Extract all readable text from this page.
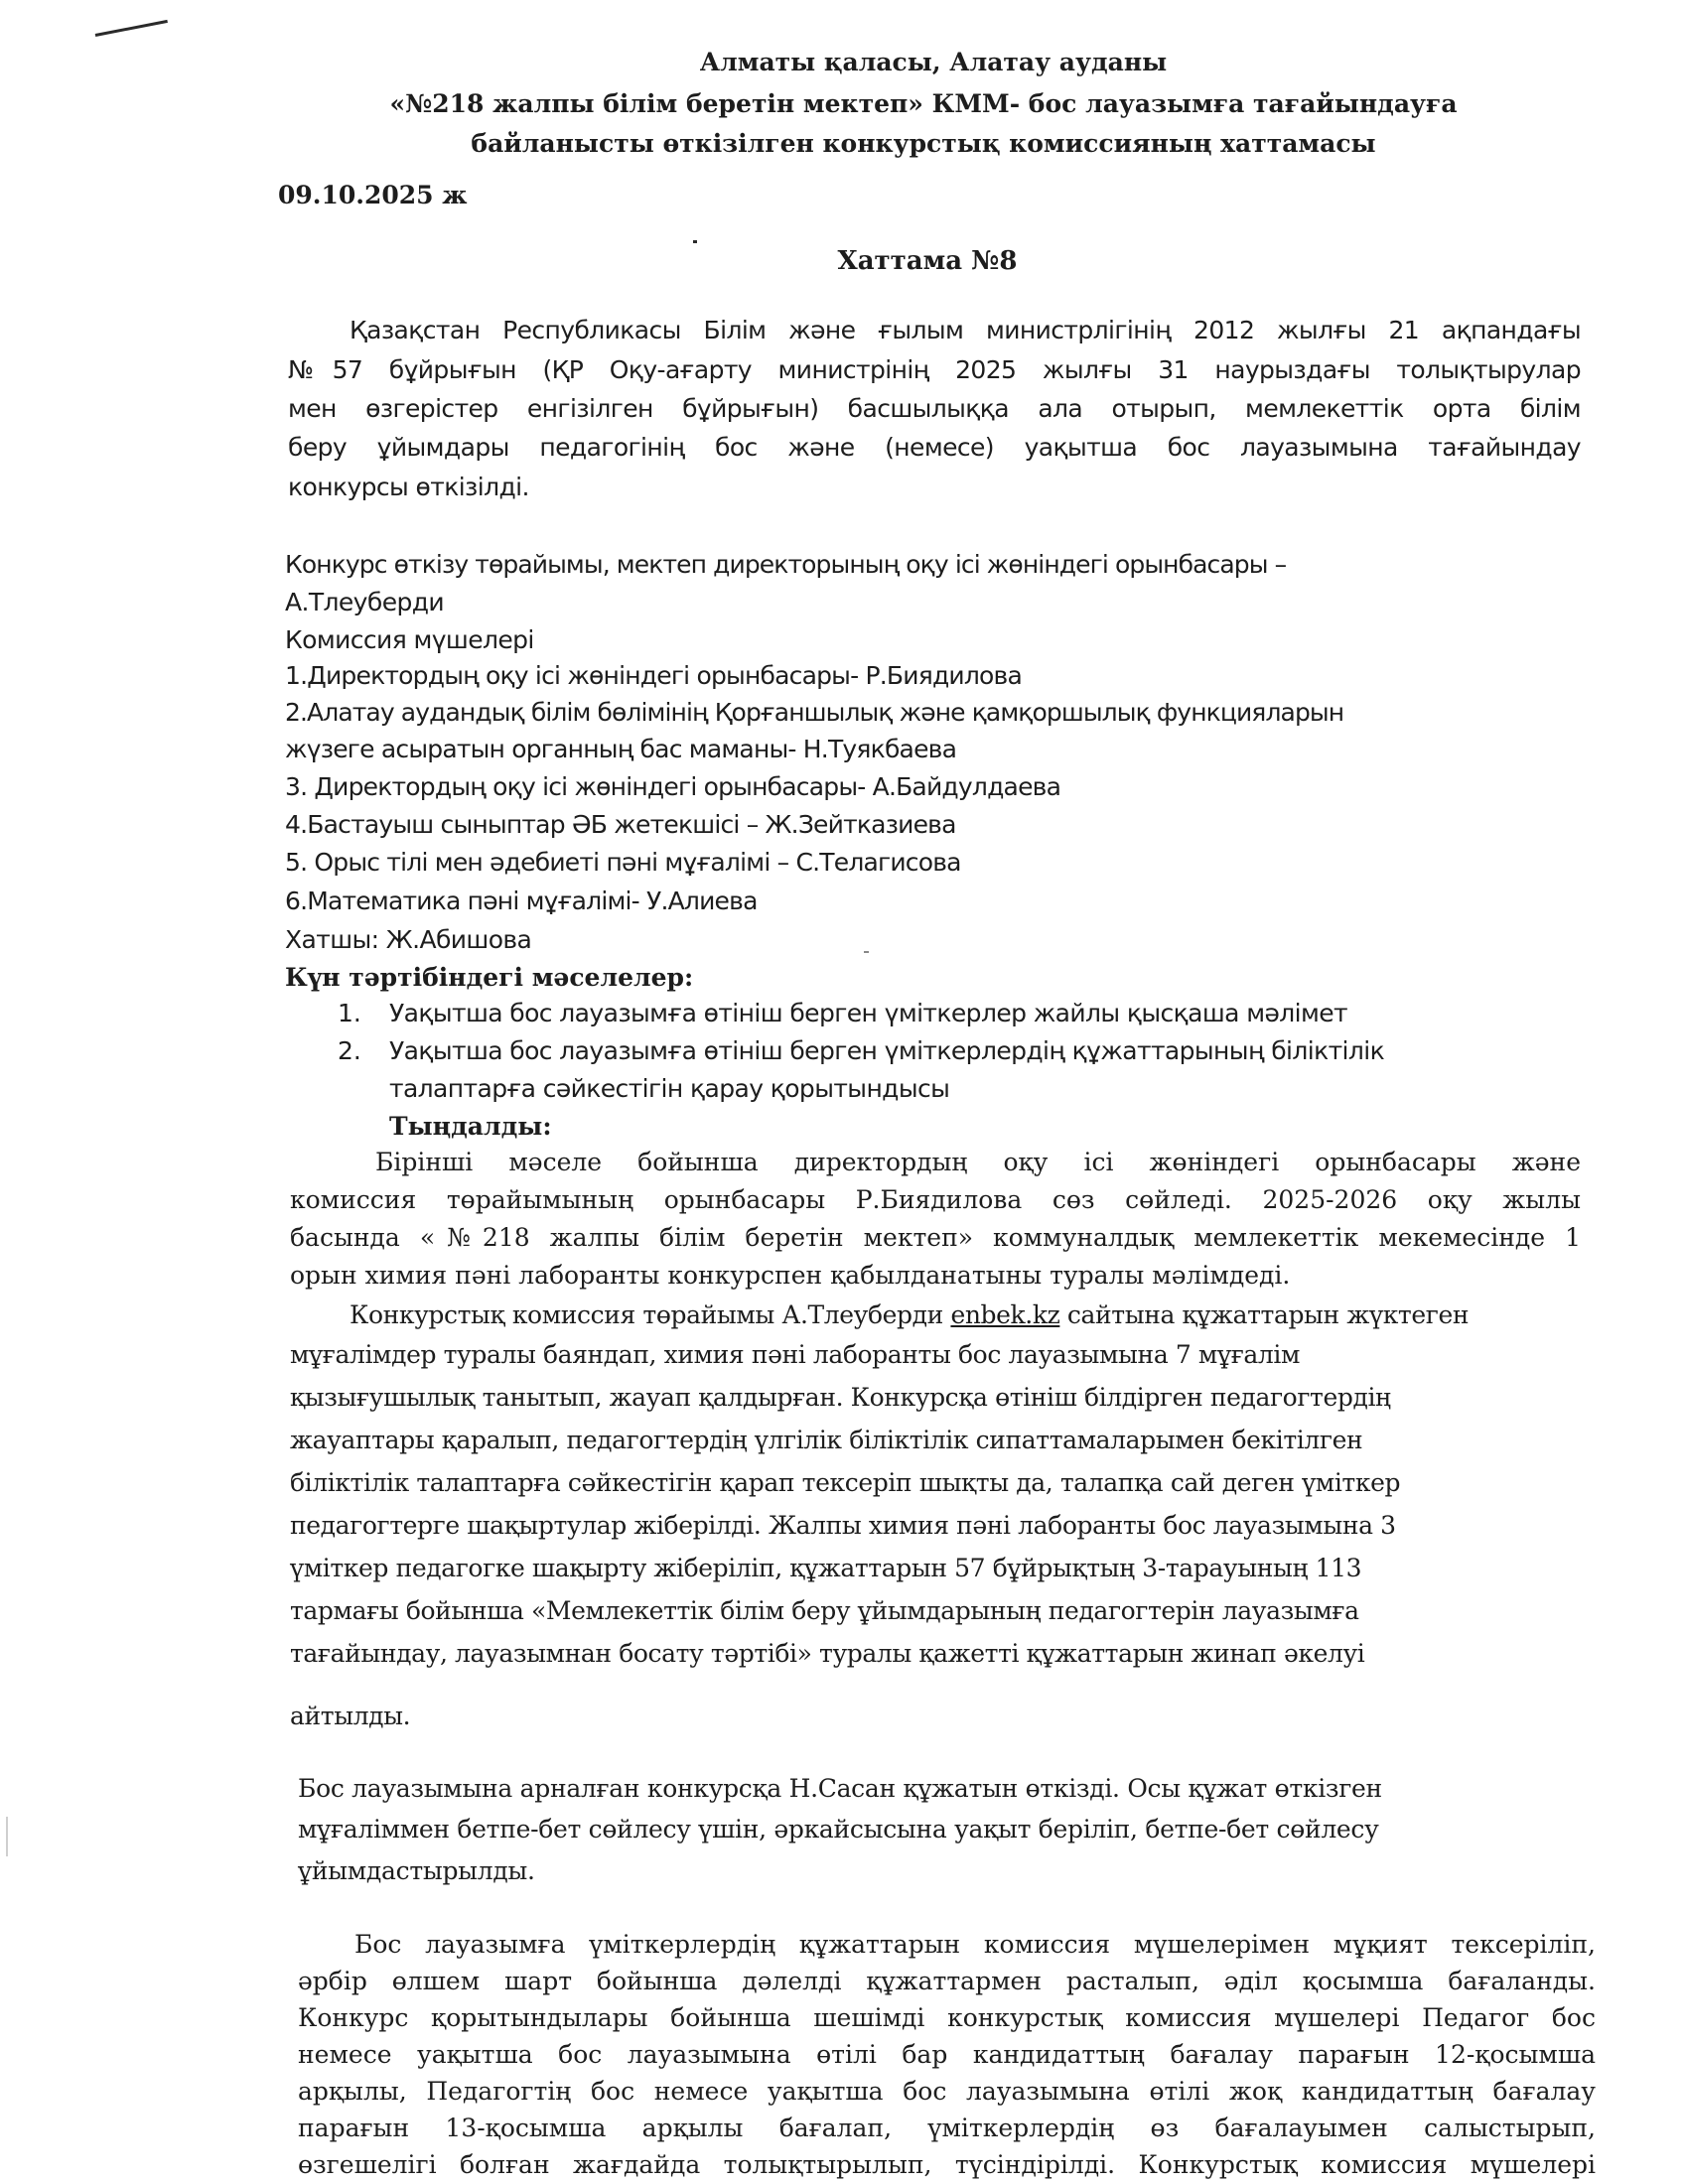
Алматы қаласы, Алатау ауданы

«№218 жалпы білім беретін мектеп» КММ- бос лауазымға тағайындауға

байланысты өткізілген конкурстық комиссияның хаттамасы

09.10.2025 ж

Хаттама №8

Қазақстан Республикасы Білім және ғылым министрлігінің 2012 жылғы 21 ақпандағы

№57 бұйрығын (ҚР Оқу-ағарту министрінің 2025 жылғы 31 наурыздағы толықтырулар

мен өзгерістер енгізілген бұйрығын) басшылыққа ала отырып, мемлекеттік орта білім

беру ұйымдары педагогінің бос және (немесе) уақытша бос лауазымына тағайындау

конкурсы өткізілді.

Конкурс өткізу төрайымы, мектеп директорының оқу ісі жөніндегі орынбасары –

А.Тлеуберди

Комиссия мүшелері

1.Директордың оқу ісі жөніндегі орынбасары- Р.Биядилова

2.Алатау аудандық білім бөлімінің Қорғаншылық және қамқоршылық функцияларын

жүзеге асыратын органның бас маманы- Н.Туякбаева

3. Директордың оқу ісі жөніндегі орынбасары- А.Байдулдаева

4.Бастауыш сыныптар ӘБ жетекшісі – Ж.Зейтказиева

5. Орыс тілі мен әдебиеті пәні мұғалімі – С.Телагисова

6.Математика пәні мұғалімі- У.Алиева

Хатшы: Ж.Абишова

Күн тәртібіндегі мәселелер:

1. Уақытша бос лауазымға өтініш берген үміткерлер жайлы қысқаша мәлімет

2. Уақытша бос лауазымға өтініш берген үміткерлердің құжаттарының біліктілік

талаптарға сәйкестігін қарау қорытындысы

Тыңдалды:

Бірінші мәселе бойынша директордың оқу ісі жөніндегі орынбасары және

комиссия төрайымының орынбасары Р.Биядилова сөз сөйледі. 2025-2026 оқу жылы

басында «№218 жалпы білім беретін мектеп» коммуналдық мемлекеттік мекемесінде 1

орын химия пәні лаборанты конкурспен қабылданатыны туралы мәлімдеді.

Конкурстық комиссия төрайымы А.Тлеуберди enbek.kz сайтына құжаттарын жүктеген

мұғалімдер туралы баяндап, химия пәні лаборанты бос лауазымына 7 мұғалім

қызығушылық танытып, жауап қалдырған. Конкурсқа өтініш білдірген педагогтердің

жауаптары қаралып, педагогтердің үлгілік біліктілік сипаттамаларымен бекітілген

біліктілік талаптарға сәйкестігін қарап тексеріп шықты да, талапқа сай деген үміткер

педагогтерге шақыртулар жіберілді. Жалпы химия пәні лаборанты бос лауазымына 3

үміткер педагогке шақырту жіберіліп, құжаттарын 57 бұйрықтың 3-тарауының 113

тармағы бойынша «Мемлекеттік білім беру ұйымдарының педагогтерін лауазымға

тағайындау, лауазымнан босату тәртібі» туралы қажетті құжаттарын жинап әкелуі

айтылды.

Бос лауазымына арналған конкурсқа Н.Сасан құжатын өткізді. Осы құжат өткізген

мұғаліммен бетпе-бет сөйлесу үшін, әркайсысына уақыт беріліп, бетпе-бет сөйлесу

ұйымдастырылды.

Бос лауазымға үміткерлердің құжаттарын комиссия мүшелерімен мұқият тексеріліп,

әрбір өлшем шарт бойынша дәлелді құжаттармен расталып, әділ қосымша бағаланды.

Конкурс қорытындылары бойынша шешімді конкурстық комиссия мүшелері Педагог бос

немесе уақытша бос лауазымына өтілі бар кандидаттың бағалау парағын 12-қосымша

арқылы, Педагогтің бос немесе уақытша бос лауазымына өтілі жоқ кандидаттың бағалау

парағын 13-қосымша арқылы бағалап, үміткерлердің өз бағалауымен салыстырып,

өзгешелігі болған жағдайда толықтырылып, түсіндірілді. Конкурстық комиссия мүшелері
